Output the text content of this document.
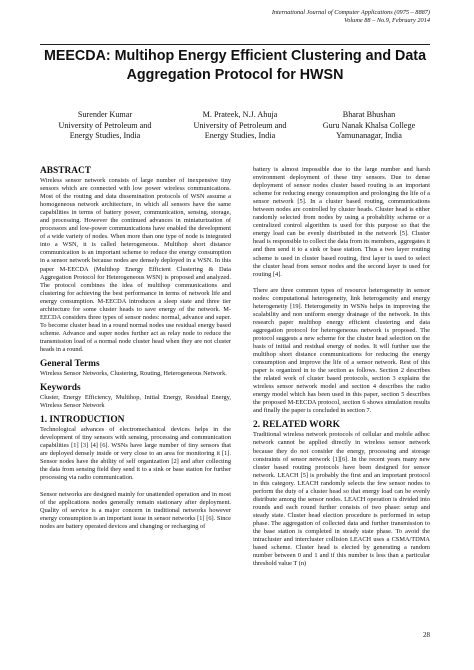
International Journal of Computer Applications (0975 – 8887)
Volume 88 – No.9, February 2014
MEECDA: Multihop Energy Efficient Clustering and Data
Aggregation Protocol for HWSN
Surender Kumar
University of Petroleum and
Energy Studies, India
M. Prateek, N.J. Ahuja
University of Petroleum and
Energy Studies, India
Bharat Bhushan
Guru Nanak Khalsa College
Yamunanagar, India
ABSTRACT

Wireless sensor network consists of large number of inexpensive tiny sensors which are connected with low power wireless communications. Most of the routing and data dissemination protocols of WSN assume a homogeneous network architecture, in which all sensors have the same capabilities in terms of battery power, communication, sensing, storage, and processing. However the continued advances in miniaturization of processors and low-power communications have enabled the development of a wide variety of nodes. When more than one type of node is integrated into a WSN, it is called heterogeneous. Multihop short distance communication is an important scheme to reduce the energy consumption in a sensor network because nodes are densely deployed in a WSN. In this paper M-EECDA (Multihop Energy Efficient Clustering & Data Aggregation Protocol for Heterogeneous WSN) is proposed and analyzed. The protocol combines the idea of multihop communications and clustering for achieving the best performance in terms of network life and energy consumption. M-EECDA introduces a sleep state and three tier architecture for some cluster heads to save energy of the network. M-EECDA considers three types of sensor nodes: normal, advance and super. To become cluster head in a round normal nodes use residual energy based scheme. Advance and super nodes further act as relay node to reduce the transmission load of a normal node cluster head when they are not cluster heads in a round.

General Terms

Wireless Sensor Networks, Clustering, Routing, Heterogeneous Network.

Keywords

Cluster, Energy Efficiency, Multihop, Initial Energy, Residual Energy, Wireless Sensor Network

1. INTRODUCTION

Technological advances of electromechanical devices helps in the development of tiny sensors with sensing, processing and communication capabilities [1] [3] [4] [6]. WSNs have large number of tiny sensors that are deployed densely inside or very close to an area for monitoring it [1]. Sensor nodes have the ability of self organization [2] and after collecting the data from sensing field they send it to a sink or base station for further processing via radio communication.

Sensor networks are designed mainly for unattended operation and in most of the applications nodes generally remain stationary after deployment. Quality of service is a major concern in traditional networks however energy consumption is an important issue in sensor networks [1] [6]. Since nodes are battery operated devices and changing or recharging of

battery is almost impossible due to the large number and harsh environment deployment of these tiny sensors. Due to dense deployment of sensor nodes cluster based routing is an important scheme for reducing energy consumption and prolonging the life of a sensor network [5]. In a cluster based routing, communications between nodes are controlled by cluster heads. Cluster head is either randomly selected from nodes by using a probability scheme or a centralized control algorithm is used for this purpose so that the energy load can be evenly distributed in the network [5]. Cluster head is responsible to collect the data from its members, aggregates it and then send it to a sink or base station. Thus a two layer routing scheme is used in cluster based routing, first layer is used to select the cluster head from sensor nodes and the second layer is used for routing [4].

There are three common types of resource heterogeneity in sensor nodes: computational heterogeneity, link heterogeneity and energy heterogeneity [19]. Heterogeneity in WSNs helps in improving the scalability and non uniform energy drainage of the network. In this research paper multihop energy efficient clustering and data aggregation protocol for heterogeneous network is proposed. The protocol suggests a new scheme for the cluster head selection on the basis of initial and residual energy of nodes. It will further use the multihop short distance communications for reducing the energy consumption and improve the life of a sensor network. Rest of this paper is organized in to the section as follows. Section 2 describes the related work of cluster based protocols, section 3 explains the wireless sensor network model and section 4 describes the radio energy model which has been used in this paper, section 5 describes the proposed M-EECDA protocol, section 6 shows simulation results and finally the paper is concluded in section 7.

2. RELATED WORK

Traditional wireless network protocols of cellular and mobile adhoc network cannot be applied directly in wireless sensor network because they do not consider the energy, processing and storage constraints of sensor network [1][6]. In the recent years many new cluster based routing protocols have been designed for sensor network. LEACH [5] is probably the first and an important protocol in this category. LEACH randomly selects the few sensor nodes to perform the duty of a cluster head so that energy load can be evenly distribute among the sensor nodes. LEACH operation is divided into rounds and each round further consists of two phase: setup and steady state. Cluster head election procedure is performed in setup phase. The aggregation of collected data and further transmission to the base station is completed in steady state phase. To avoid the intracluster and intercluster collision LEACH uses a CSMA/TDMA based scheme. Cluster head is elected by generating a random number between 0 and 1 and if this number is less than a particular threshold value T (n)

28
